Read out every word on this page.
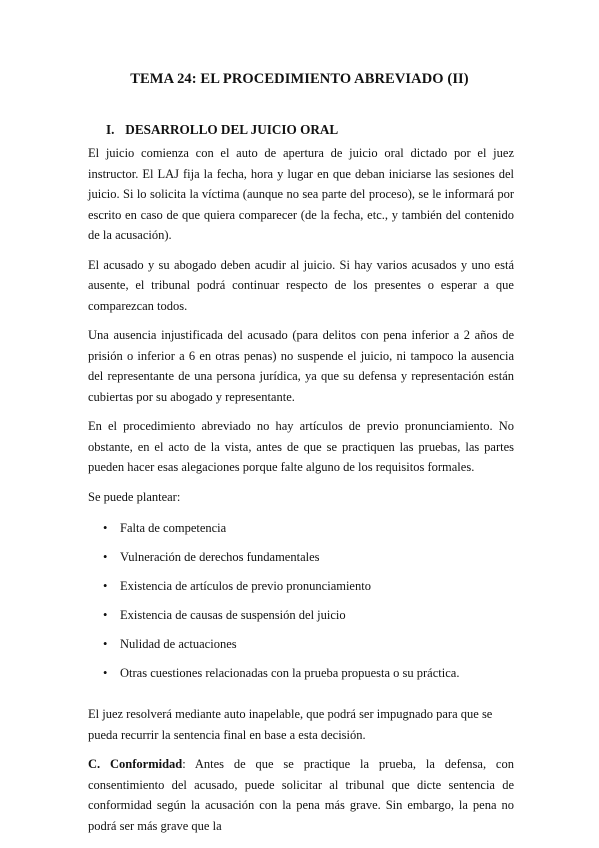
TEMA 24: EL PROCEDIMIENTO ABREVIADO (II)
I. DESARROLLO DEL JUICIO ORAL

El juicio comienza con el auto de apertura de juicio oral dictado por el juez instructor. El LAJ fija la fecha, hora y lugar en que deban iniciarse las sesiones del juicio. Si lo solicita la víctima (aunque no sea parte del proceso), se le informará por escrito en caso de que quiera comparecer (de la fecha, etc., y también del contenido de la acusación).

El acusado y su abogado deben acudir al juicio. Si hay varios acusados y uno está ausente, el tribunal podrá continuar respecto de los presentes o esperar a que comparezcan todos.

Una ausencia injustificada del acusado (para delitos con pena inferior a 2 años de prisión o inferior a 6 en otras penas) no suspende el juicio, ni tampoco la ausencia del representante de una persona jurídica, ya que su defensa y representación están cubiertas por su abogado y representante.

En el procedimiento abreviado no hay artículos de previo pronunciamiento. No obstante, en el acto de la vista, antes de que se practiquen las pruebas, las partes pueden hacer esas alegaciones porque falte alguno de los requisitos formales.

Se puede plantear:

• Falta de competencia
• Vulneración de derechos fundamentales
• Existencia de artículos de previo pronunciamiento
• Existencia de causas de suspensión del juicio
• Nulidad de actuaciones
• Otras cuestiones relacionadas con la prueba propuesta o su práctica.

El juez resolverá mediante auto inapelable, que podrá ser impugnado para que se pueda recurrir la sentencia final en base a esta decisión.

C. Conformidad: Antes de que se practique la prueba, la defensa, con consentimiento del acusado, puede solicitar al tribunal que dicte sentencia de conformidad según la acusación con la pena más grave. Sin embargo, la pena no podrá ser más grave que la
